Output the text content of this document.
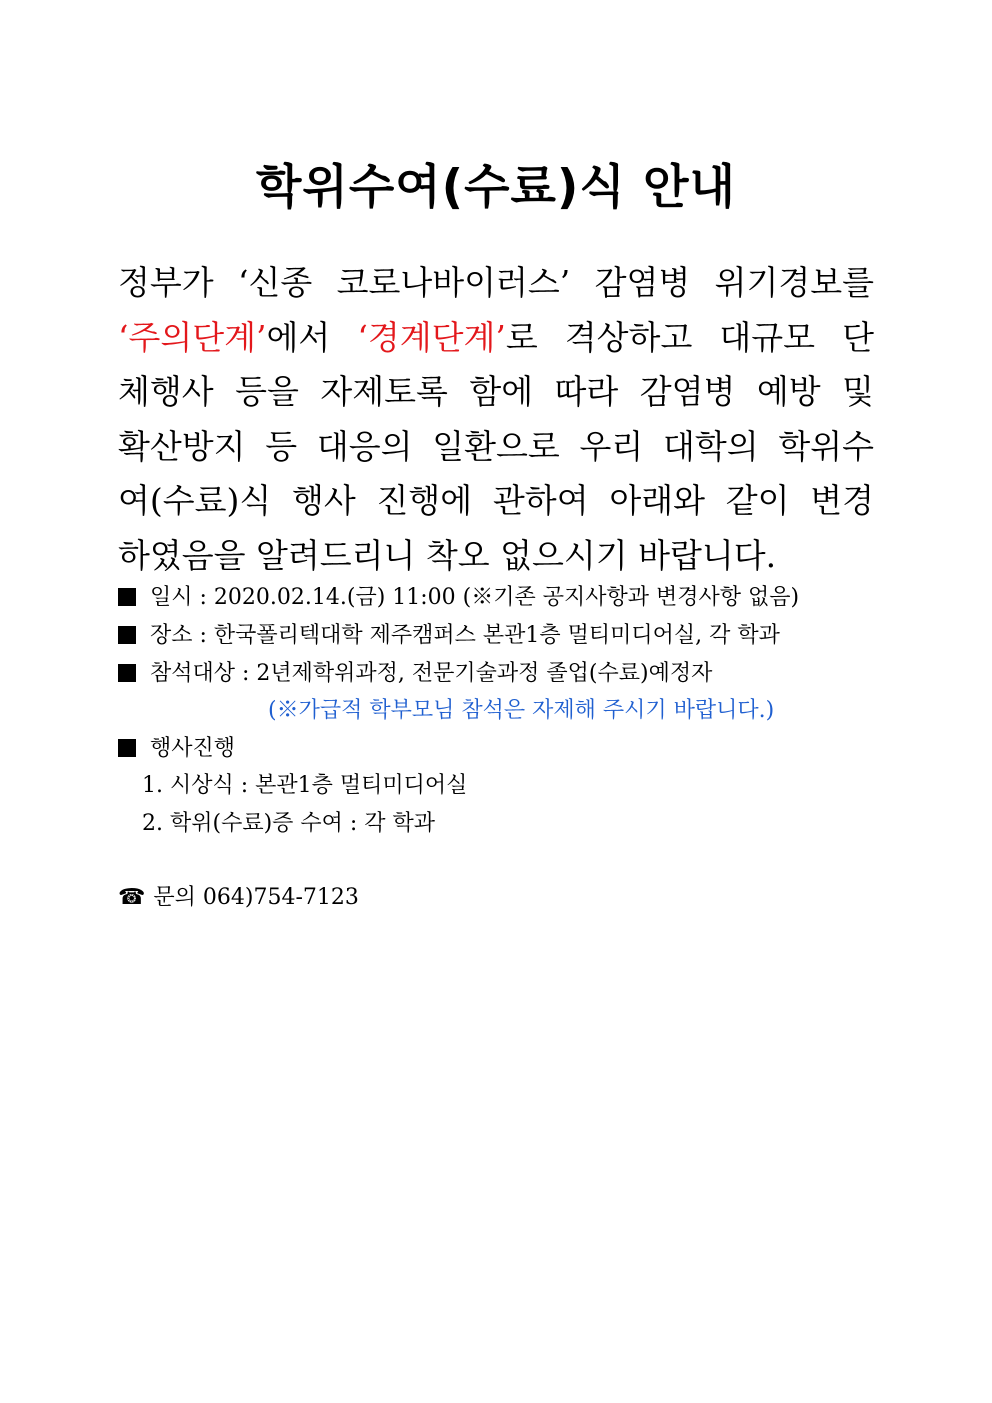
학위수여(수료)식 안내
정부가 ‘신종 코로나바이러스’ 감염병 위기경보를
‘주의단계’에서 ‘경계단계’로 격상하고 대규모 단
체행사 등을 자제토록 함에 따라 감염병 예방 및
확산방지 등 대응의 일환으로 우리 대학의 학위수
여(수료)식 행사 진행에 관하여 아래와 같이 변경
하였음을 알려드리니 착오 없으시기 바랍니다.
일시 : 2020.02.14.(금) 11:00 (※기존 공지사항과 변경사항 없음)
장소 : 한국폴리텍대학 제주캠퍼스 본관1층 멀티미디어실, 각 학과
참석대상 : 2년제학위과정, 전문기술과정 졸업(수료)예정자
(※가급적 학부모님 참석은 자제해 주시기 바랍니다.)
행사진행
1. 시상식 : 본관1층 멀티미디어실
2. 학위(수료)증 수여 : 각 학과
☎ 문의 064)754-7123
